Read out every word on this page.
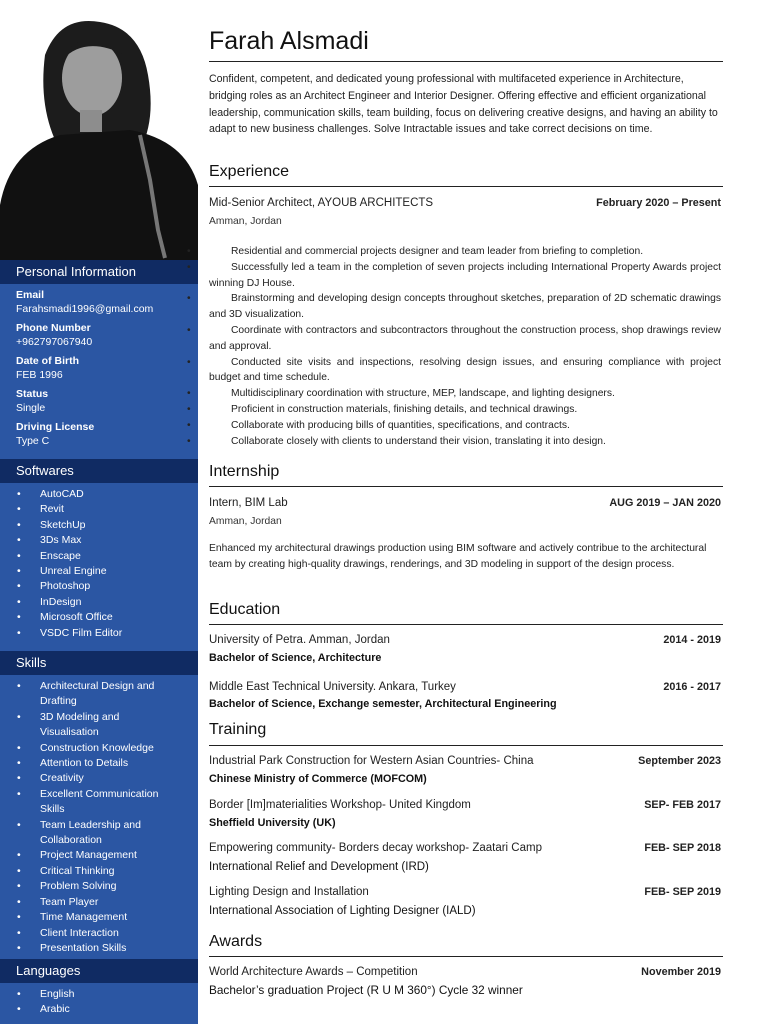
Personal Information
Email
Farahsmadi1996@gmail.com
Phone Number
+962797067940
Date of Birth
FEB 1996
Status
Single
Driving License
Type C
Softwares
• AutoCAD
• Revit
• SketchUp
• 3Ds Max
• Enscape
• Unreal Engine
• Photoshop
• InDesign
• Microsoft Office
• VSDC Film Editor
Skills
• Architectural Design and Drafting
• 3D Modeling and Visualisation
• Construction Knowledge
• Attention to Details
• Creativity
• Excellent Communication Skills
• Team Leadership and Collaboration
• Project Management
• Critical Thinking
• Problem Solving
• Team Player
• Time Management
• Client Interaction
• Presentation Skills
Languages
• English
• Arabic
Farah Alsmadi
Confident, competent, and dedicated young professional with multifaceted experience in Architecture, bridging roles as an Architect Engineer and Interior Designer. Offering effective and efficient organizational leadership, communication skills, team building, focus on delivering creative designs, and having an ability to adapt to new business challenges. Solve Intractable issues and take correct decisions on time.
Experience
Mid-Senior Architect, AYOUB ARCHITECTS	February 2020 – Present
Amman, Jordan
• Residential and commercial projects designer and team leader from briefing to completion.
• Successfully led a team in the completion of seven projects including International Property Awards project winning DJ House.
• Brainstorming and developing design concepts throughout sketches, preparation of 2D schematic drawings and 3D visualization.
• Coordinate with contractors and subcontractors throughout the construction process, shop drawings review and approval.
• Conducted site visits and inspections, resolving design issues, and ensuring compliance with project budget and time schedule.
• Multidisciplinary coordination with structure, MEP, landscape, and lighting designers.
• Proficient in construction materials, finishing details, and technical drawings.
• Collaborate with producing bills of quantities, specifications, and contracts.
• Collaborate closely with clients to understand their vision, translating it into design.
Internship
Intern, BIM Lab	AUG 2019 – JAN 2020
Amman, Jordan
Enhanced my architectural drawings production using BIM software and actively contribue to the architectural team by creating high-quality drawings, renderings, and 3D modeling in support of the design process.
Education
University of Petra. Amman, Jordan	2014 - 2019
Bachelor of Science, Architecture
Middle East Technical University. Ankara, Turkey	2016 - 2017
Bachelor of Science, Exchange semester, Architectural Engineering
Training
Industrial Park Construction for Western Asian Countries- China	September 2023
Chinese Ministry of Commerce (MOFCOM)
Border [Im]materialities Workshop- United Kingdom	SEP- FEB 2017
Sheffield University (UK)
Empowering community- Borders decay workshop- Zaatari Camp	FEB- SEP 2018
International Relief and Development (IRD)
Lighting Design and Installation	FEB- SEP 2019
International Association of Lighting Designer (IALD)
Awards
World Architecture Awards – Competition	November 2019
Bachelor’s graduation Project (R U M 360°) Cycle 32 winner
